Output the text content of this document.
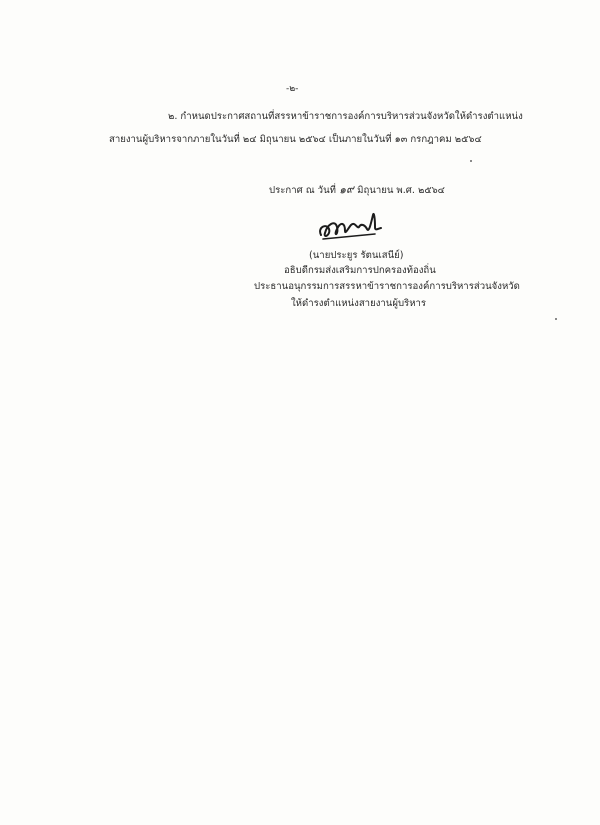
-๒-
๒. กำหนดประกาศสถานที่สรรหาข้าราชการองค์การบริหารส่วนจังหวัดให้ดำรงตำแหน่ง
สายงานผู้บริหารจากภายในวันที่ ๒๔ มิถุนายน ๒๕๖๔ เป็นภายในวันที่ ๑๓ กรกฎาคม ๒๕๖๔
ประกาศ ณ วันที่ ๑๙ มิถุนายน พ.ศ. ๒๕๖๔
(นายประยูร รัตนเสนีย์)
อธิบดีกรมส่งเสริมการปกครองท้องถิ่น
ประธานอนุกรรมการสรรหาข้าราชการองค์การบริหารส่วนจังหวัด
ให้ดำรงตำแหน่งสายงานผู้บริหาร
